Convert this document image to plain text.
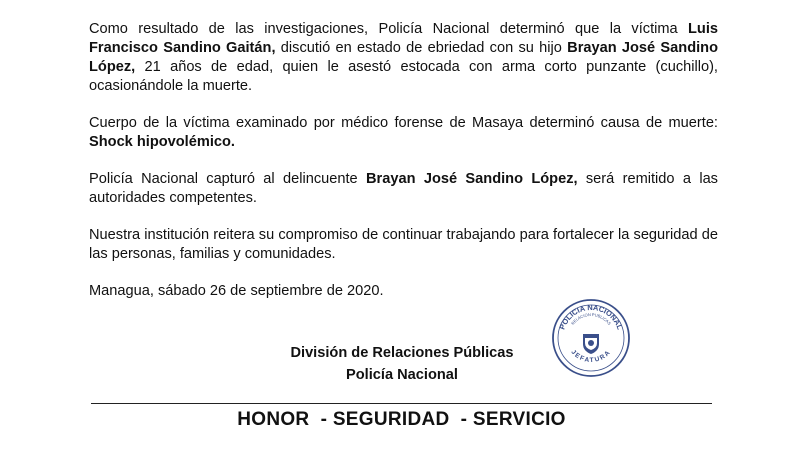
Como resultado de las investigaciones, Policía Nacional determinó que la víctima Luis Francisco Sandino Gaitán, discutió en estado de ebriedad con su hijo Brayan José Sandino López, 21 años de edad, quien le asestó estocada con arma corto punzante (cuchillo), ocasionándole la muerte.

Cuerpo de la víctima examinado por médico forense de Masaya determinó causa de muerte: Shock hipovolémico.

Policía Nacional capturó al delincuente Brayan José Sandino López, será remitido a las autoridades competentes.

Nuestra institución reitera su compromiso de continuar trabajando para fortalecer la seguridad de las personas, familias y comunidades.

Managua, sábado 26 de septiembre de 2020.

División de Relaciones Públicas
Policía Nacional
POLICIA NACIONAL
RELACION PUBLICAS
JEFATURA
HONOR  - SEGURIDAD  - SERVICIO
